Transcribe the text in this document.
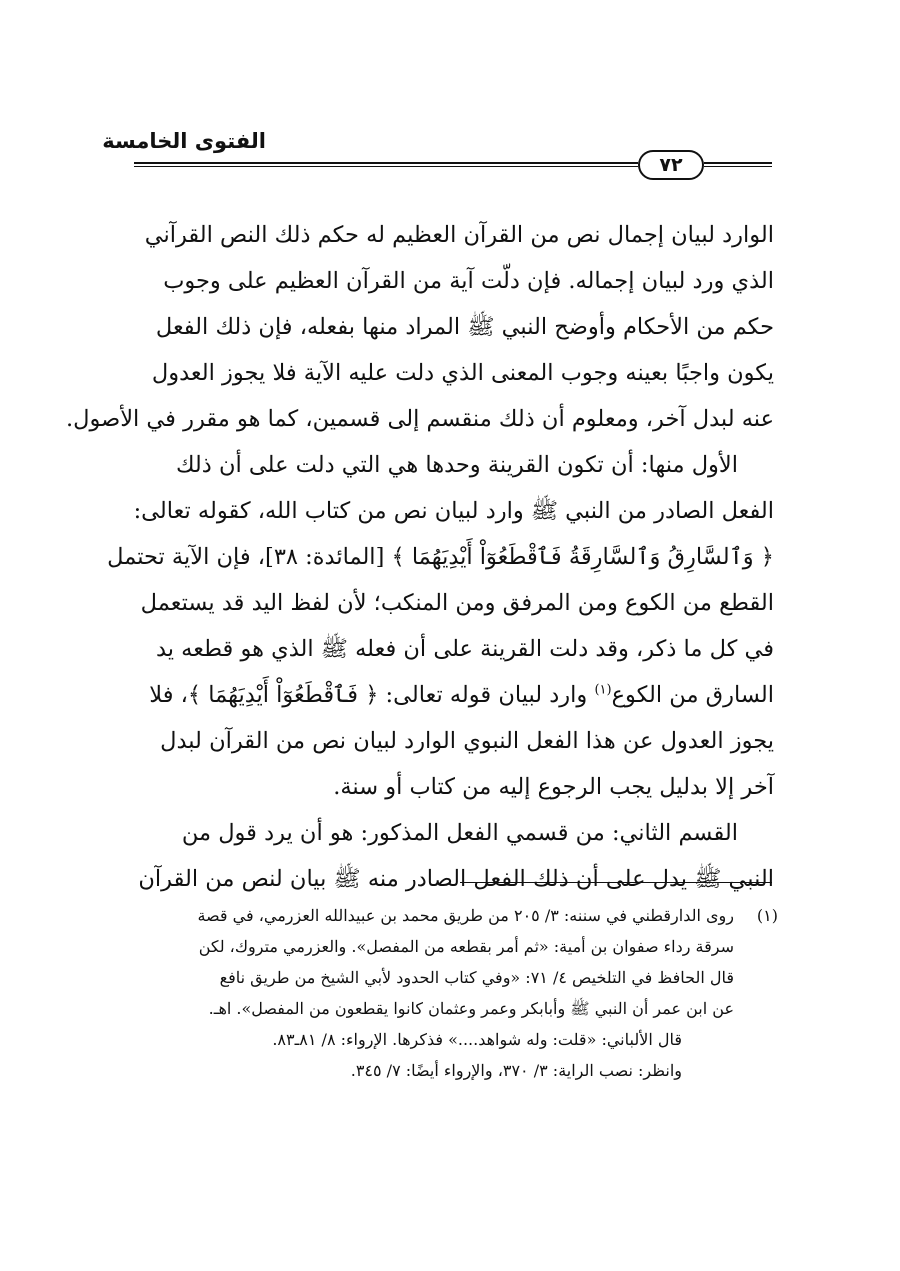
الفتوى الخامسة
٧٢
الوارد لبيان إجمال نص من القرآن العظيم له حكم ذلك النص القرآني
الذي ورد لبيان إجماله. فإن دلّت آية من القرآن العظيم على وجوب
حكم من الأحكام وأوضح النبي ﷺ المراد منها بفعله، فإن ذلك الفعل
يكون واجبًا بعينه وجوب المعنى الذي دلت عليه الآية فلا يجوز العدول
عنه لبدل آخر، ومعلوم أن ذلك منقسم إلى قسمين، كما هو مقرر في الأصول.
الأول منها: أن تكون القرينة وحدها هي التي دلت على أن ذلك
الفعل الصادر من النبي ﷺ وارد لبيان نص من كتاب الله، كقوله تعالى:
﴿ وَٱلسَّارِقُ وَٱلسَّارِقَةُ فَٱقْطَعُوٓاْ أَيْدِيَهُمَا ﴾ [المائدة: ٣٨]، فإن الآية تحتمل
القطع من الكوع ومن المرفق ومن المنكب؛ لأن لفظ اليد قد يستعمل
في كل ما ذكر، وقد دلت القرينة على أن فعله ﷺ الذي هو قطعه يد
السارق من الكوع$^{(١)}$ وارد لبيان قوله تعالى: ﴿ فَٱقْطَعُوٓاْ أَيْدِيَهُمَا ﴾، فلا
يجوز العدول عن هذا الفعل النبوي الوارد لبيان نص من القرآن لبدل
آخر إلا بدليل يجب الرجوع إليه من كتاب أو سنة.
القسم الثاني: من قسمي الفعل المذكور: هو أن يرد قول من
النبي ﷺ يدل على أن ذلك الفعل الصادر منه ﷺ بيان لنص من القرآن
(١)روى الدارقطني في سننه: ٣/ ٢٠٥ من طريق محمد بن عبيدالله العزرمي، في قصة
سرقة رداء صفوان بن أمية: «ثم أمر بقطعه من المفصل». والعزرمي متروك، لكن
قال الحافظ في التلخيص ٤/ ٧١: «وفي كتاب الحدود لأبي الشيخ من طريق نافع
عن ابن عمر أن النبي ﷺ وأبابكر وعمر وعثمان كانوا يقطعون من المفصل». اهـ.
قال الألباني: «قلت: وله شواهد....» فذكرها. الإرواء: ٨/ ٨١ـ٨٣.
وانظر: نصب الراية: ٣/ ٣٧٠، والإرواء أيضًا: ٧/ ٣٤٥.
